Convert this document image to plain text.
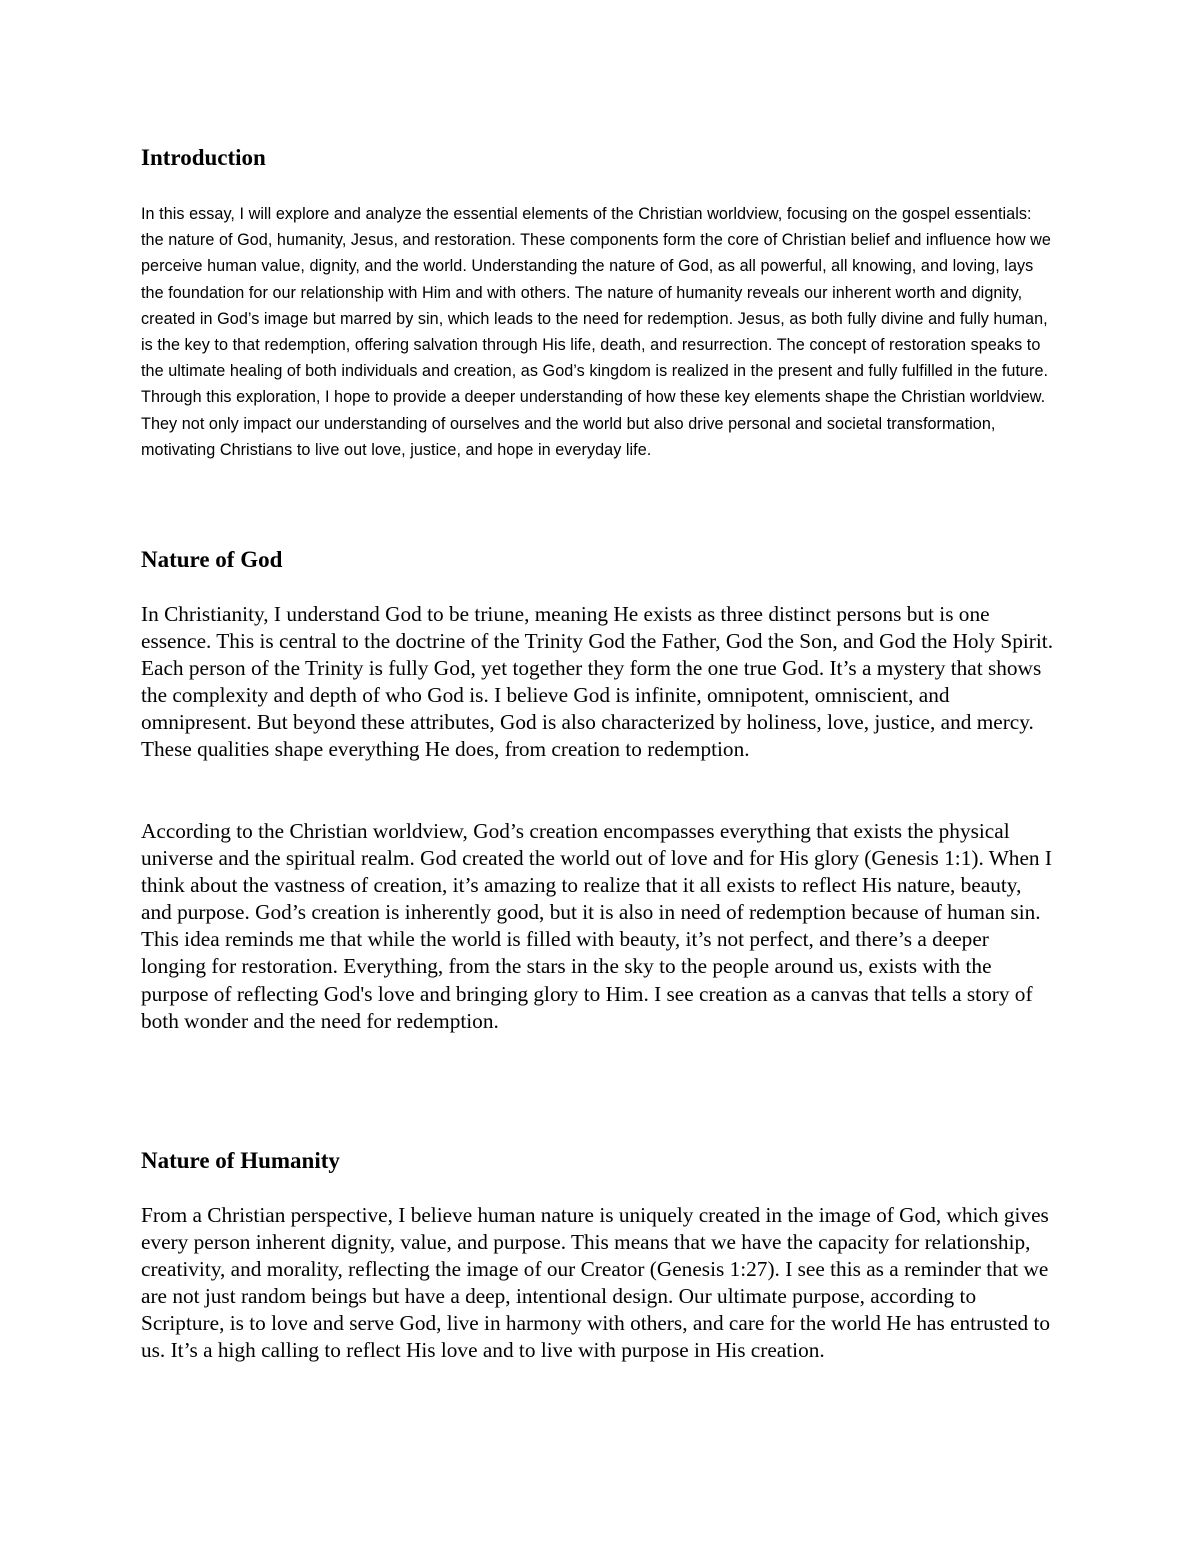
Introduction

In this essay, I will explore and analyze the essential elements of the Christian worldview, focusing on the gospel essentials: the nature of God, humanity, Jesus, and restoration. These components form the core of Christian belief and influence how we perceive human value, dignity, and the world. Understanding the nature of God, as all powerful, all knowing, and loving, lays the foundation for our relationship with Him and with others. The nature of humanity reveals our inherent worth and dignity, created in God’s image but marred by sin, which leads to the need for redemption. Jesus, as both fully divine and fully human, is the key to that redemption, offering salvation through His life, death, and resurrection. The concept of restoration speaks to the ultimate healing of both individuals and creation, as God’s kingdom is realized in the present and fully fulfilled in the future. Through this exploration, I hope to provide a deeper understanding of how these key elements shape the Christian worldview. They not only impact our understanding of ourselves and the world but also drive personal and societal transformation, motivating Christians to live out love, justice, and hope in everyday life.

Nature of God

In Christianity, I understand God to be triune, meaning He exists as three distinct persons but is one essence. This is central to the doctrine of the Trinity God the Father, God the Son, and God the Holy Spirit. Each person of the Trinity is fully God, yet together they form the one true God. It’s a mystery that shows the complexity and depth of who God is. I believe God is infinite, omnipotent, omniscient, and omnipresent. But beyond these attributes, God is also characterized by holiness, love, justice, and mercy. These qualities shape everything He does, from creation to redemption.

According to the Christian worldview, God’s creation encompasses everything that exists the physical universe and the spiritual realm. God created the world out of love and for His glory (Genesis 1:1). When I think about the vastness of creation, it’s amazing to realize that it all exists to reflect His nature, beauty, and purpose. God’s creation is inherently good, but it is also in need of redemption because of human sin. This idea reminds me that while the world is filled with beauty, it’s not perfect, and there’s a deeper longing for restoration. Everything, from the stars in the sky to the people around us, exists with the purpose of reflecting God's love and bringing glory to Him. I see creation as a canvas that tells a story of both wonder and the need for redemption.

Nature of Humanity

From a Christian perspective, I believe human nature is uniquely created in the image of God, which gives every person inherent dignity, value, and purpose. This means that we have the capacity for relationship, creativity, and morality, reflecting the image of our Creator (Genesis 1:27). I see this as a reminder that we are not just random beings but have a deep, intentional design. Our ultimate purpose, according to Scripture, is to love and serve God, live in harmony with others, and care for the world He has entrusted to us. It’s a high calling to reflect His love and to live with purpose in His creation.
